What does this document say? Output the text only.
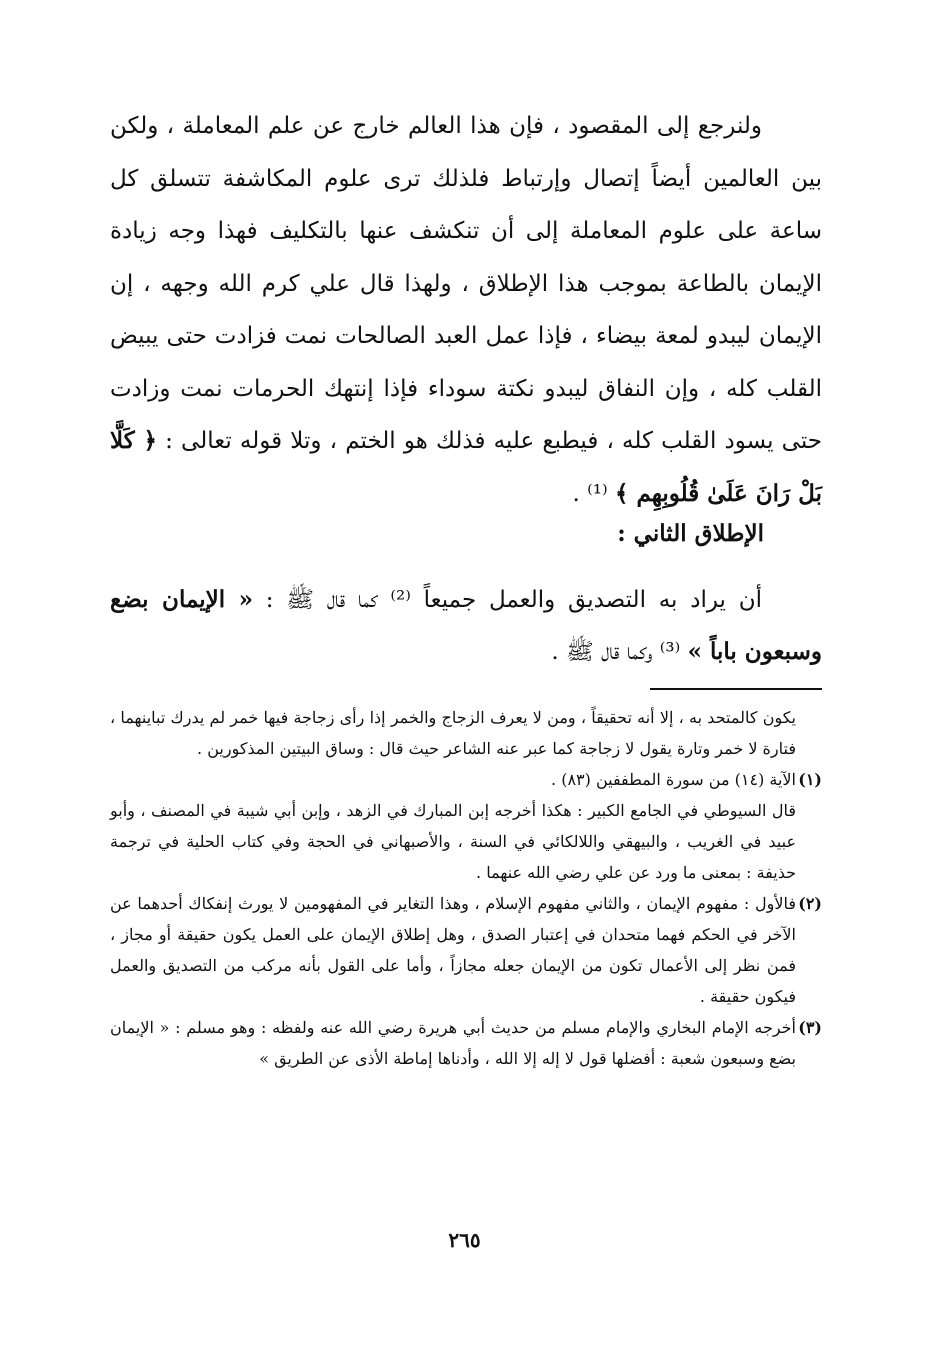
ولنرجع إلى المقصود ، فإن هذا العالم خارج عن علم المعاملة ، ولكن بين العالمين أيضاً إتصال وإرتباط فلذلك ترى علوم المكاشفة تتسلق كل ساعة على علوم المعاملة إلى أن تنكشف عنها بالتكليف فهذا وجه زيادة الإيمان بالطاعة بموجب هذا الإطلاق ، ولهذا قال علي كرم الله وجهه ، إن الإيمان ليبدو لمعة بيضاء ، فإذا عمل العبد الصالحات نمت فزادت حتى يبيض القلب كله ، وإن النفاق ليبدو نكتة سوداء فإذا إنتهك الحرمات نمت وزادت حتى يسود القلب كله ، فيطبع عليه فذلك هو الختم ، وتلا قوله تعالى : ﴿ كَلَّا بَلْ رَانَ عَلَىٰ قُلُوبِهِم ﴾ ⁽¹⁾ .

الإطلاق الثاني :

أن يراد به التصديق والعمل جميعاً ⁽²⁾ كما قال ﷺ : « الإيمان بضع وسبعون باباً » ⁽³⁾ وكما قال ﷺ .

يكون كالمتحد به ، إلا أنه تحقيقاً ، ومن لا يعرف الزجاج والخمر إذا رأى زجاجة فيها خمر لم يدرك تباينهما ، فتارة لا خمر وتارة يقول لا زجاجة كما عبر عنه الشاعر حيث قال : وساق البيتين المذكورين .

(١)

الآية (١٤) من سورة المطففين (٨٣) .

قال السيوطي في الجامع الكبير : هكذا أخرجه إبن المبارك في الزهد ، وإبن أبي شيبة في المصنف ، وأبو عبيد في الغريب ، والبيهقي واللالكائي في السنة ، والأصبهاني في الحجة وفي كتاب الحلية في ترجمة حذيفة : بمعنى ما ورد عن علي رضي الله عنهما .

(٢)

فالأول : مفهوم الإيمان ، والثاني مفهوم الإسلام ، وهذا التغاير في المفهومين لا يورث إنفكاك أحدهما عن الآخر في الحكم فهما متحدان في إعتبار الصدق ، وهل إطلاق الإيمان على العمل يكون حقيقة أو مجاز ، فمن نظر إلى الأعمال تكون من الإيمان جعله مجازاً ، وأما على القول بأنه مركب من التصديق والعمل فيكون حقيقة .

(٣)

أخرجه الإمام البخاري والإمام مسلم من حديث أبي هريرة رضي الله عنه ولفظه : وهو مسلم : « الإيمان بضع وسبعون شعبة : أفضلها قول لا إله إلا الله ، وأدناها إماطة الأذى عن الطريق »

٢٦٥
